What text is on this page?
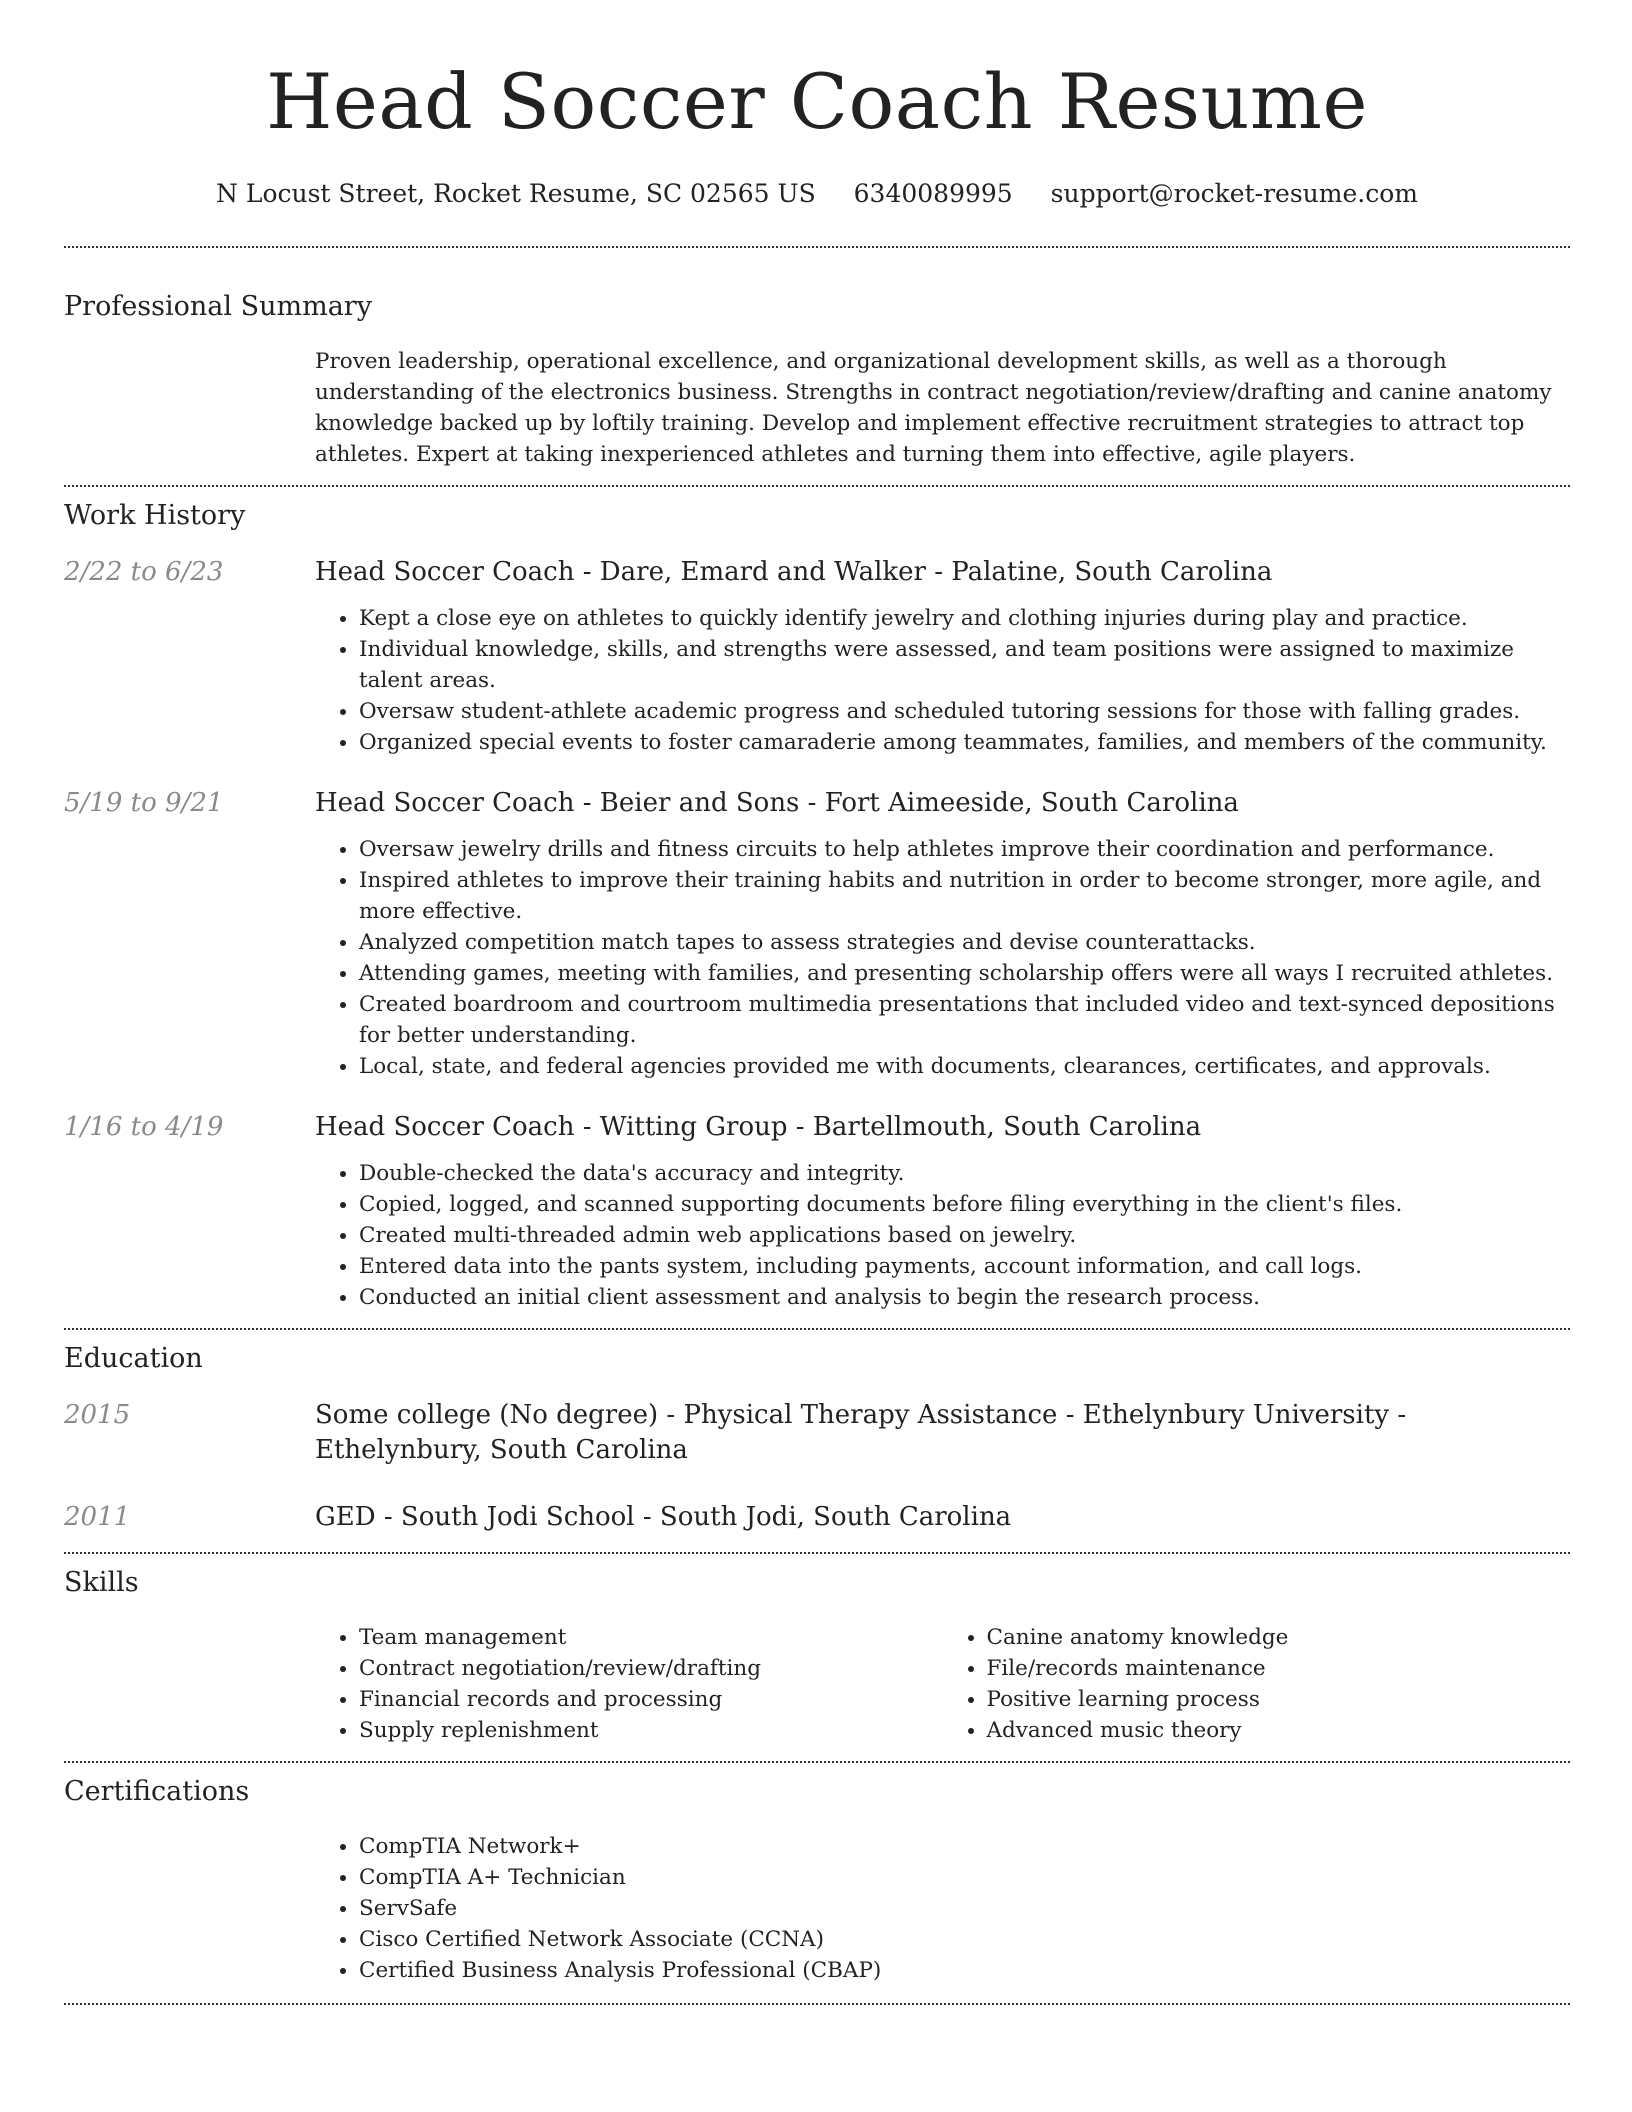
Head Soccer Coach Resume
N Locust Street, Rocket Resume, SC 02565 US 6340089995 support@rocket-resume.com
Professional Summary
Proven leadership, operational excellence, and organizational development skills, as well as a thorough understanding of the electronics business. Strengths in contract negotiation/review/drafting and canine anatomy knowledge backed up by loftily training. Develop and implement effective recruitment strategies to attract top athletes. Expert at taking inexperienced athletes and turning them into effective, agile players.
Work History
2/22 to 6/23	Head Soccer Coach - Dare, Emard and Walker - Palatine, South Carolina
• Kept a close eye on athletes to quickly identify jewelry and clothing injuries during play and practice.
• Individual knowledge, skills, and strengths were assessed, and team positions were assigned to maximize talent areas.
• Oversaw student-athlete academic progress and scheduled tutoring sessions for those with falling grades.
• Organized special events to foster camaraderie among teammates, families, and members of the community.
5/19 to 9/21	Head Soccer Coach - Beier and Sons - Fort Aimeeside, South Carolina
• Oversaw jewelry drills and fitness circuits to help athletes improve their coordination and performance.
• Inspired athletes to improve their training habits and nutrition in order to become stronger, more agile, and more effective.
• Analyzed competition match tapes to assess strategies and devise counterattacks.
• Attending games, meeting with families, and presenting scholarship offers were all ways I recruited athletes.
• Created boardroom and courtroom multimedia presentations that included video and text-synced depositions for better understanding.
• Local, state, and federal agencies provided me with documents, clearances, certificates, and approvals.
1/16 to 4/19	Head Soccer Coach - Witting Group - Bartellmouth, South Carolina
• Double-checked the data's accuracy and integrity.
• Copied, logged, and scanned supporting documents before filing everything in the client's files.
• Created multi-threaded admin web applications based on jewelry.
• Entered data into the pants system, including payments, account information, and call logs.
• Conducted an initial client assessment and analysis to begin the research process.
Education
2015	Some college (No degree) - Physical Therapy Assistance - Ethelynbury University - Ethelynbury, South Carolina
2011	GED - South Jodi School - South Jodi, South Carolina
Skills
• Team management
• Contract negotiation/review/drafting
• Financial records and processing
• Supply replenishment
• Canine anatomy knowledge
• File/records maintenance
• Positive learning process
• Advanced music theory
Certifications
• CompTIA Network+
• CompTIA A+ Technician
• ServSafe
• Cisco Certified Network Associate (CCNA)
• Certified Business Analysis Professional (CBAP)
